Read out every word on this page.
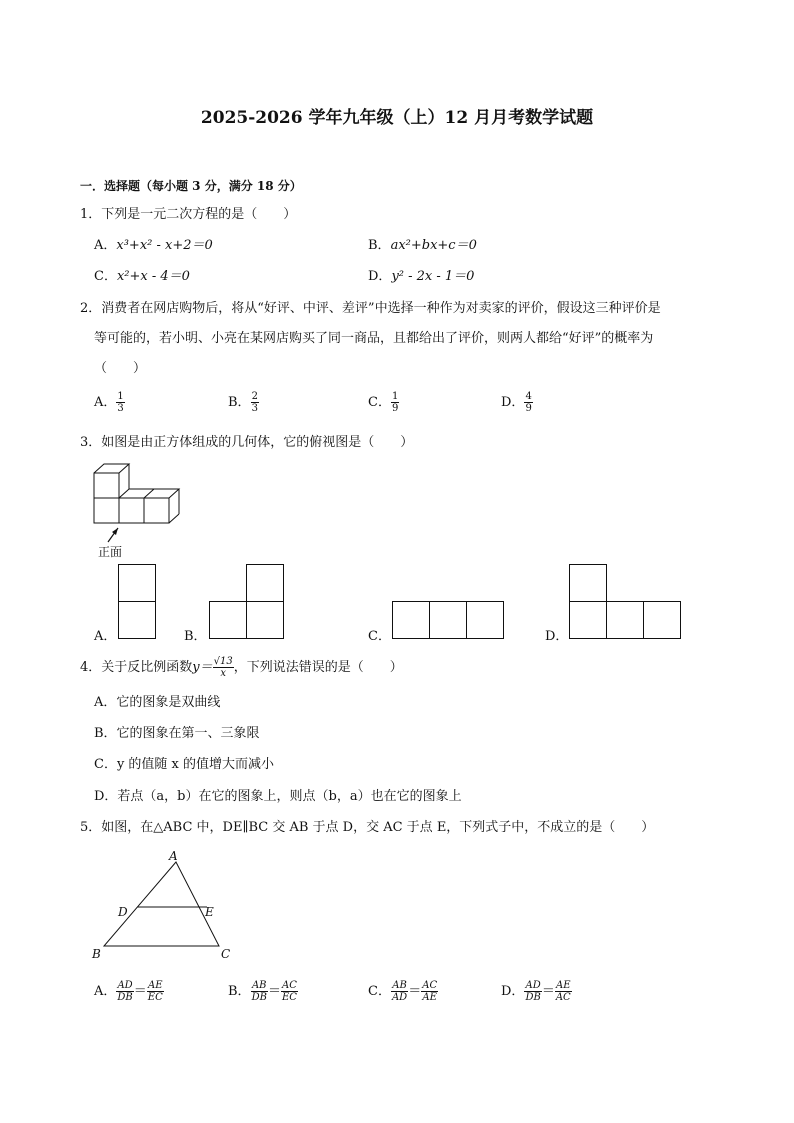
2025-2026 学年九年级（上）12 月月考数学试题
一．选择题（每小题 3 分，满分 18 分）
1．下列是一元二次方程的是（　　）
A．x³+x² - x+2＝0	B．ax²+bx+c＝0
C．x²+x - 4＝0	D．y² - 2x - 1＝0
2．消费者在网店购物后，将从“好评、中评、差评”中选择一种作为对卖家的评价，假设这三种评价是
等可能的，若小明、小亮在某网店购买了同一商品，且都给出了评价，则两人都给“好评”的概率为
（　　）
A． $\frac{1}{3}$	B． $\frac{2}{3}$	C． $\frac{1}{9}$	D． $\frac{4}{9}$
3．如图是由正方体组成的几何体，它的俯视图是（　　）
正面
A．	B．	C．	D．
4．关于反比例函数$y= \frac{√13}{x}$ ，下列说法错误的是（　　）
A．它的图象是双曲线
B．它的图象在第一、三象限
C．y 的值随 x 的值增大而减小
D．若点（a，b）在它的图象上，则点（b，a）也在它的图象上
5．如图，在△ABC 中，DE∥BC 交 AB 于点 D，交 AC 于点 E，下列式子中，不成立的是（　　）
A
B	C
D	E
A． $\frac{AD}{DB} = \frac{AE}{EC}$	B． $\frac{AB}{DB} = \frac{AC}{EC}$	C． $\frac{AB}{AD} = \frac{AC}{AE}$	D． $\frac{AD}{DB} = \frac{AE}{AC}$
